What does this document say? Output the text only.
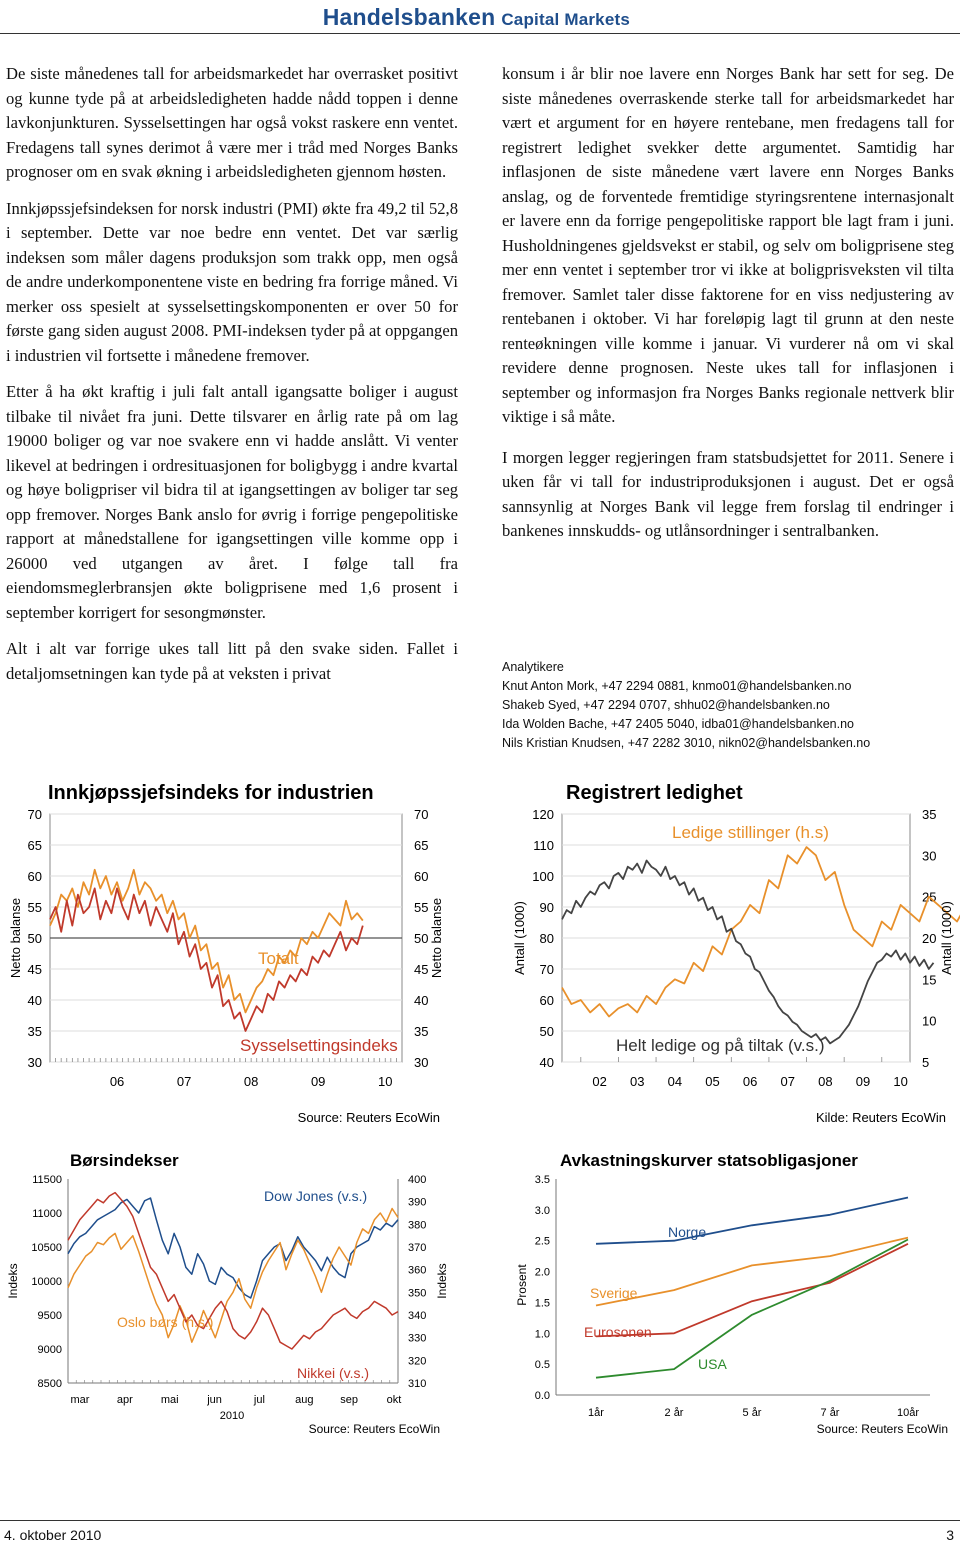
Handelsbanken Capital Markets

De siste månedenes tall for arbeidsmarkedet har overrasket positivt og kunne tyde på at arbeidsledigheten hadde nådd toppen i denne lavkonjunkturen. Sysselsettingen har også vokst raskere enn ventet. Fredagens tall synes derimot å være mer i tråd med Norges Banks prognoser om en svak økning i arbeidsledigheten gjennom høsten.

Innkjøpssjefsindeksen for norsk industri (PMI) økte fra 49,2 til 52,8 i september. Dette var noe bedre enn ventet. Det var særlig indeksen som måler dagens produksjon som trakk opp, men også de andre underkomponentene viste en bedring fra forrige måned. Vi merker oss spesielt at sysselsettingskomponenten er over 50 for første gang siden august 2008. PMI-indeksen tyder på at oppgangen i industrien vil fortsette i månedene fremover.

Etter å ha økt kraftig i juli falt antall igangsatte boliger i august tilbake til nivået fra juni. Dette tilsvarer en årlig rate på om lag 19000 boliger og var noe svakere enn vi hadde anslått. Vi venter likevel at bedringen i ordresituasjonen for boligbygg i andre kvartal og høye boligpriser vil bidra til at igangsettingen av boliger tar seg opp fremover. Norges Bank anslo for øvrig i forrige pengepolitiske rapport at månedstallene for igangsettingen ville komme opp i 26000 ved utgangen av året. I følge tall fra eiendomsmeglerbransjen økte boligprisene med 1,6 prosent i september korrigert for sesongmønster.

Alt i alt var forrige ukes tall litt på den svake siden. Fallet i detaljomsetningen kan tyde på at veksten i privat

konsum i år blir noe lavere enn Norges Bank har sett for seg. De siste månedenes overraskende sterke tall for arbeidsmarkedet har vært et argument for en høyere rentebane, men fredagens tall for registrert ledighet svekker dette argumentet. Samtidig har inflasjonen de siste månedene vært lavere enn Norges Banks anslag, og de forventede fremtidige styringsrentene internasjonalt er lavere enn da forrige pengepolitiske rapport ble lagt fram i juni. Husholdningenes gjeldsvekst er stabil, og selv om boligprisene steg mer enn ventet i september tror vi ikke at boligprisveksten vil tilta fremover. Samlet taler disse faktorene for en viss nedjustering av rentebanen i oktober. Vi har foreløpig lagt til grunn at den neste renteøkningen ville komme i januar. Vi vurderer nå om vi skal revidere denne prognosen. Neste ukes tall for inflasjonen i september og informasjon fra Norges Banks regionale nettverk blir viktige i så måte.

I morgen legger regjeringen fram statsbudsjettet for 2011. Senere i uken får vi tall for industriproduksjonen i august. Det er også sannsynlig at Norges Bank vil legge frem forslag til endringer i bankenes innskudds- og utlånsordninger i sentralbanken.

Analytikere
Knut Anton Mork, +47 2294 0881, knmo01@handelsbanken.no
Shakeb Syed, +47 2294 0707, shhu02@handelsbanken.no
Ida Wolden Bache, +47 2405 5040, idba01@handelsbanken.no
Nils Kristian Knudsen, +47 2282 3010, nikn02@handelsbanken.no
Innkjøpssjefsindeks for industrien
70	70
65	65
60	60
55	55
50	50
45	45
40	40
35	35
30	30
06	07	08	09	10
Totalt
Sysselsettingsindeks
Netto balanse	Netto balanse
Source: Reuters EcoWin
Registrert ledighet
120
110
100
90
80
70
60
50
40
35
30
25
20
15
10
5
02 03 04 05 06 07 08 09 10
Ledige stillinger (h.s)
Helt ledige og på tiltak (v.s.)
Antall (1000)	Antall (1000)
Kilde: Reuters EcoWin
Børsindekser
11500
11000
10500
10000
9500
9000
8500
400
390
380
370
360
350
340
330
320
310
mar apr	mai	jun	jul	aug sep	okt
2010
Dow Jones (v.s.)
Oslo børs (h.s.)
Nikkei (v.s.)
Indeks	Indeks
Source: Reuters EcoWin
Avkastningskurver statsobligasjoner
3.5
3.0
2.5
2.0
1.5
1.0
0.5
0.0
1år	2 år	5 år	7 år	10år
Norge
Sverige
Eurosonen
USA
Prosent
Source: Reuters EcoWin
4. oktober 2010	3
